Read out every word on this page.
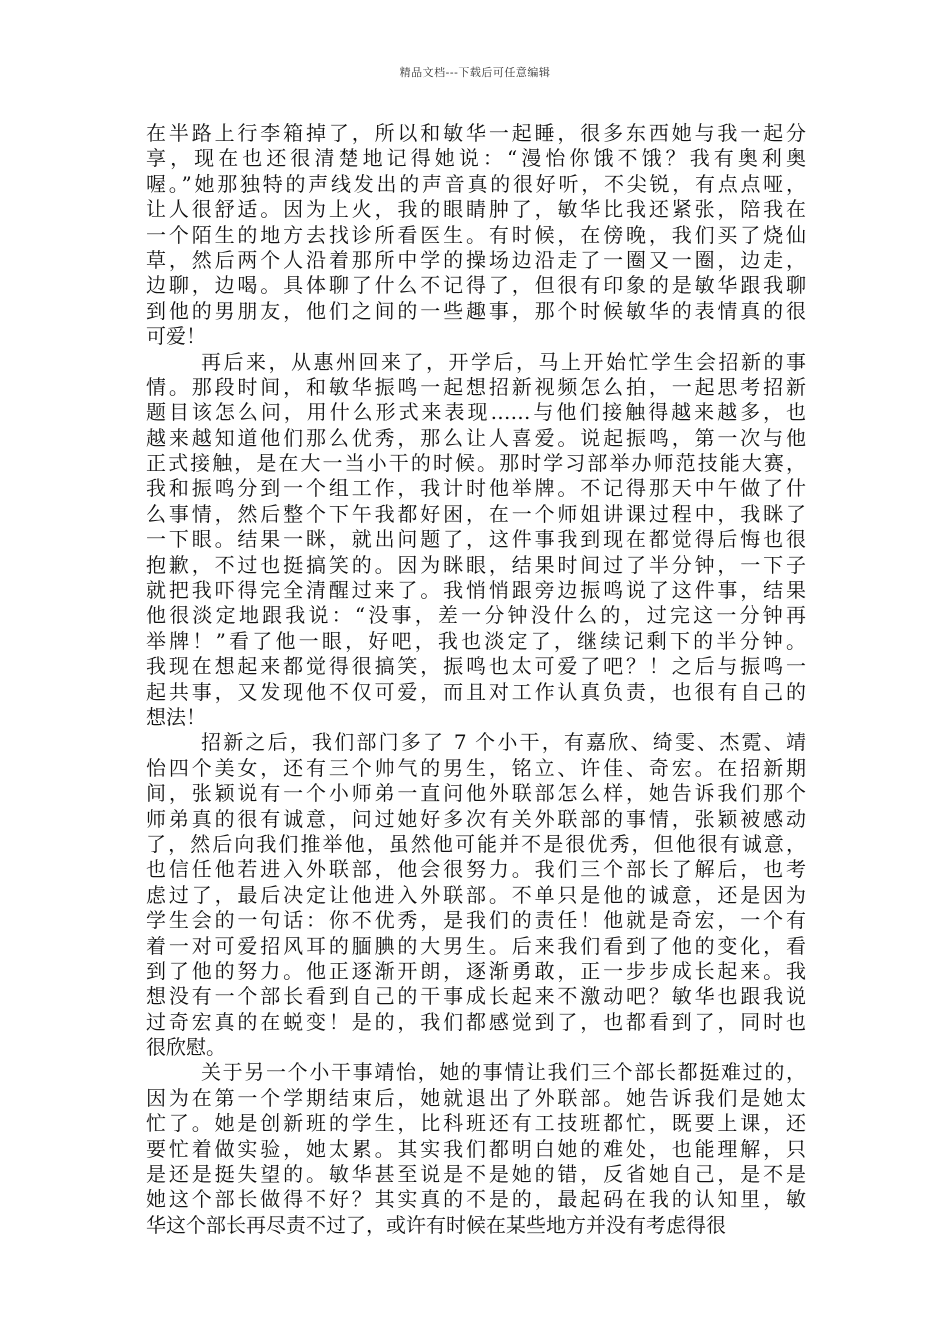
精品文档---下载后可任意编辑
在半路上行李箱掉了，所以和敏华一起睡，很多东西她与我一起分
享，现在也还很清楚地记得她说：“漫怡你饿不饿？我有奥利奥
喔。”她那独特的声线发出的声音真的很好听，不尖锐，有点点哑，
让人很舒适。因为上火，我的眼睛肿了，敏华比我还紧张，陪我在
一个陌生的地方去找诊所看医生。有时候，在傍晚，我们买了烧仙
草，然后两个人沿着那所中学的操场边沿走了一圈又一圈，边走，
边聊，边喝。具体聊了什么不记得了，但很有印象的是敏华跟我聊
到他的男朋友，他们之间的一些趣事，那个时候敏华的表情真的很
可爱！
再后来，从惠州回来了，开学后，马上开始忙学生会招新的事
情。那段时间，和敏华振鸣一起想招新视频怎么拍，一起思考招新
题目该怎么问，用什么形式来表现……与他们接触得越来越多，也
越来越知道他们那么优秀，那么让人喜爱。说起振鸣，第一次与他
正式接触，是在大一当小干的时候。那时学习部举办师范技能大赛，
我和振鸣分到一个组工作，我计时他举牌。不记得那天中午做了什
么事情，然后整个下午我都好困，在一个师姐讲课过程中，我眯了
一下眼。结果一眯，就出问题了，这件事我到现在都觉得后悔也很
抱歉，不过也挺搞笑的。因为眯眼，结果时间过了半分钟，一下子
就把我吓得完全清醒过来了。我悄悄跟旁边振鸣说了这件事，结果
他很淡定地跟我说：“没事，差一分钟没什么的，过完这一分钟再
举牌！”看了他一眼，好吧，我也淡定了，继续记剩下的半分钟。
我现在想起来都觉得很搞笑，振鸣也太可爱了吧？！之后与振鸣一
起共事，又发现他不仅可爱，而且对工作认真负责，也很有自己的
想法！
招新之后，我们部门多了 7 个小干，有嘉欣、绮雯、杰霓、靖
怡四个美女，还有三个帅气的男生，铭立、许佳、奇宏。在招新期
间，张颖说有一个小师弟一直问他外联部怎么样，她告诉我们那个
师弟真的很有诚意，问过她好多次有关外联部的事情，张颖被感动
了，然后向我们推举他，虽然他可能并不是很优秀，但他很有诚意，
也信任他若进入外联部，他会很努力。我们三个部长了解后，也考
虑过了，最后决定让他进入外联部。不单只是他的诚意，还是因为
学生会的一句话：你不优秀，是我们的责任！他就是奇宏，一个有
着一对可爱招风耳的腼腆的大男生。后来我们看到了他的变化，看
到了他的努力。他正逐渐开朗，逐渐勇敢，正一步步成长起来。我
想没有一个部长看到自己的干事成长起来不激动吧？敏华也跟我说
过奇宏真的在蜕变！是的，我们都感觉到了，也都看到了，同时也
很欣慰。
关于另一个小干事靖怡，她的事情让我们三个部长都挺难过的，
因为在第一个学期结束后，她就退出了外联部。她告诉我们是她太
忙了。她是创新班的学生，比科班还有工技班都忙，既要上课，还
要忙着做实验，她太累。其实我们都明白她的难处，也能理解，只
是还是挺失望的。敏华甚至说是不是她的错，反省她自己，是不是
她这个部长做得不好？其实真的不是的，最起码在我的认知里，敏
华这个部长再尽责不过了，或许有时候在某些地方并没有考虑得很
